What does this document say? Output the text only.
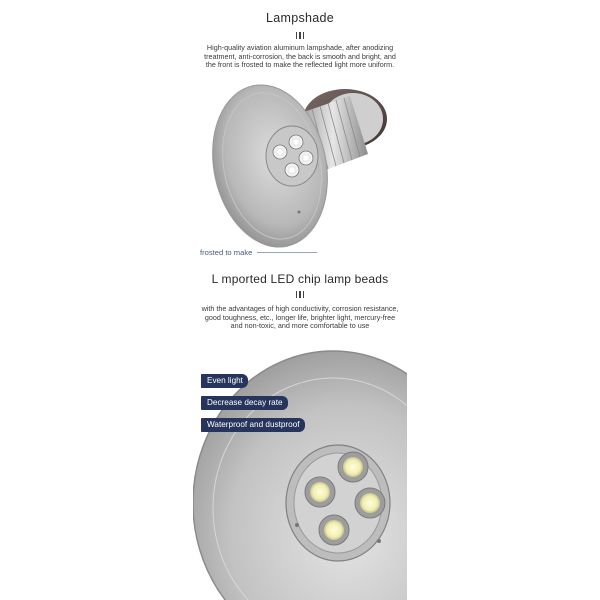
Lampshade
High-quality aviation aluminum lampshade, after anodizing treatment, anti-corrosion, the back is smooth and bright, and the front is frosted to make the reflected light more uniform.
frosted to make
L mported LED chip lamp beads
with the advantages of high conductivity, corrosion resistance, good toughness, etc., longer life, brighter light, mercury-free and non-toxic, and more comfortable to use
Even light
Decrease decay rate
Waterproof and dustproof
